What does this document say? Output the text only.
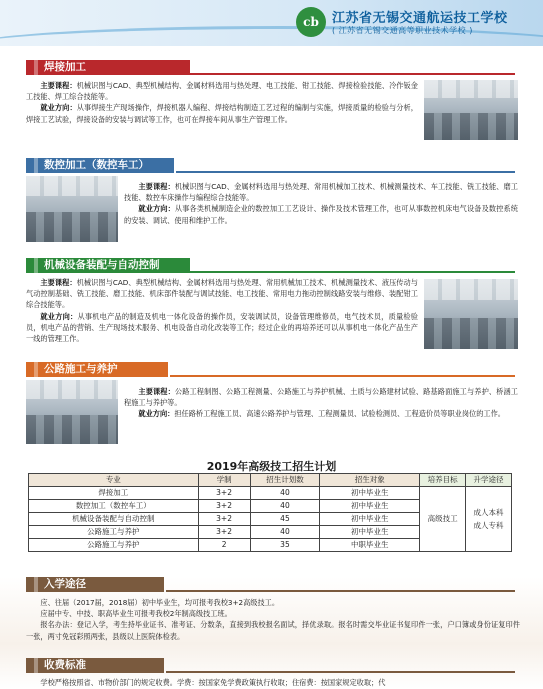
cb	江苏省无锡交通航运技工学校
( 江苏省无锡交通高等职业技术学校 )
焊接加工

主要课程：机械识图与CAD、典型机械结构、金属材料选用与热处理、电工技能、钳工技能、焊接检验技能、冷作钣金工技能、焊工综合技能等。

就业方向：从事焊接生产现场操作，焊接机器人编程、焊接结构制造工艺过程的编制与实施，焊接质量的检验与分析，焊接工艺试验，焊接设备的安装与调试等工作，也可在焊接车间从事生产管理工作。

数控加工（数控车工）

主要课程：机械识图与CAD、金属材料选用与热处理、常用机械加工技术、机械测量技术、车工技能、铣工技能、磨工技能、数控车床操作与编程综合技能等。

就业方向：从事各类机械制造企业的数控加工工艺设计、操作及技术管理工作，也可从事数控机床电气设备及数控系统的安装、调试、使用和维护工作。

机械设备装配与自动控制

主要课程：机械识图与CAD、典型机械结构、金属材料选用与热处理、常用机械加工技术、机械测量技术、液压传动与气动控制基础、铣工技能、磨工技能、机床部件装配与调试技能、电工技能、常用电力拖动控制线路安装与维修、装配钳工综合技能等。

就业方向：从事机电产品的制造及机电一体化设备的操作员，安装调试员，设备管理维修员，电气技术员，质量检验员，机电产品的营销、生产现场技术服务、机电设备自动化改装等工作；经过企业的再培养还可以从事机电一体化产品生产一线的管理工作。

公路施工与养护

主要课程：公路工程制图、公路工程测量、公路施工与养护机械、土质与公路建材试验、路基路面施工与养护、桥涵工程施工与养护等。

就业方向：担任路桥工程施工员、高速公路养护与管理、工程测量员、试验检测员、工程造价员等职业岗位的工作。

2019年高级技工招生计划
专业	学制	招生计划数	招生对象	培养目标	升学途径
焊接加工	3+2	40	初中毕业生	高级技工	成人本科
成人专科

数控加工（数控车工）	3+2	40	初中毕业生		
机械设备装配与自动控制	3+2	45	初中毕业生		
公路施工与养护	3+2	40	初中毕业生		
公路施工与养护	2	35	中职毕业生		
入学途径

应、往届（2017届，2018届）初中毕业生，均可报考我校3+2高级技工。

应届中专、中技、职高毕业生可报考我校2年制高级技工班。

报名办法：登记入学，考生持毕业证书、准考证、分数条，直接到我校报名面试，择优录取。报名时需交毕业证书复印件一张，户口簿或身份证复印件一张，两寸免冠彩照两张，县级以上医院体检表。

收费标准

学校严格按照省、市物价部门的规定收费。学费：按国家免学费政策执行收取；住宿费：按国家规定收取；代
